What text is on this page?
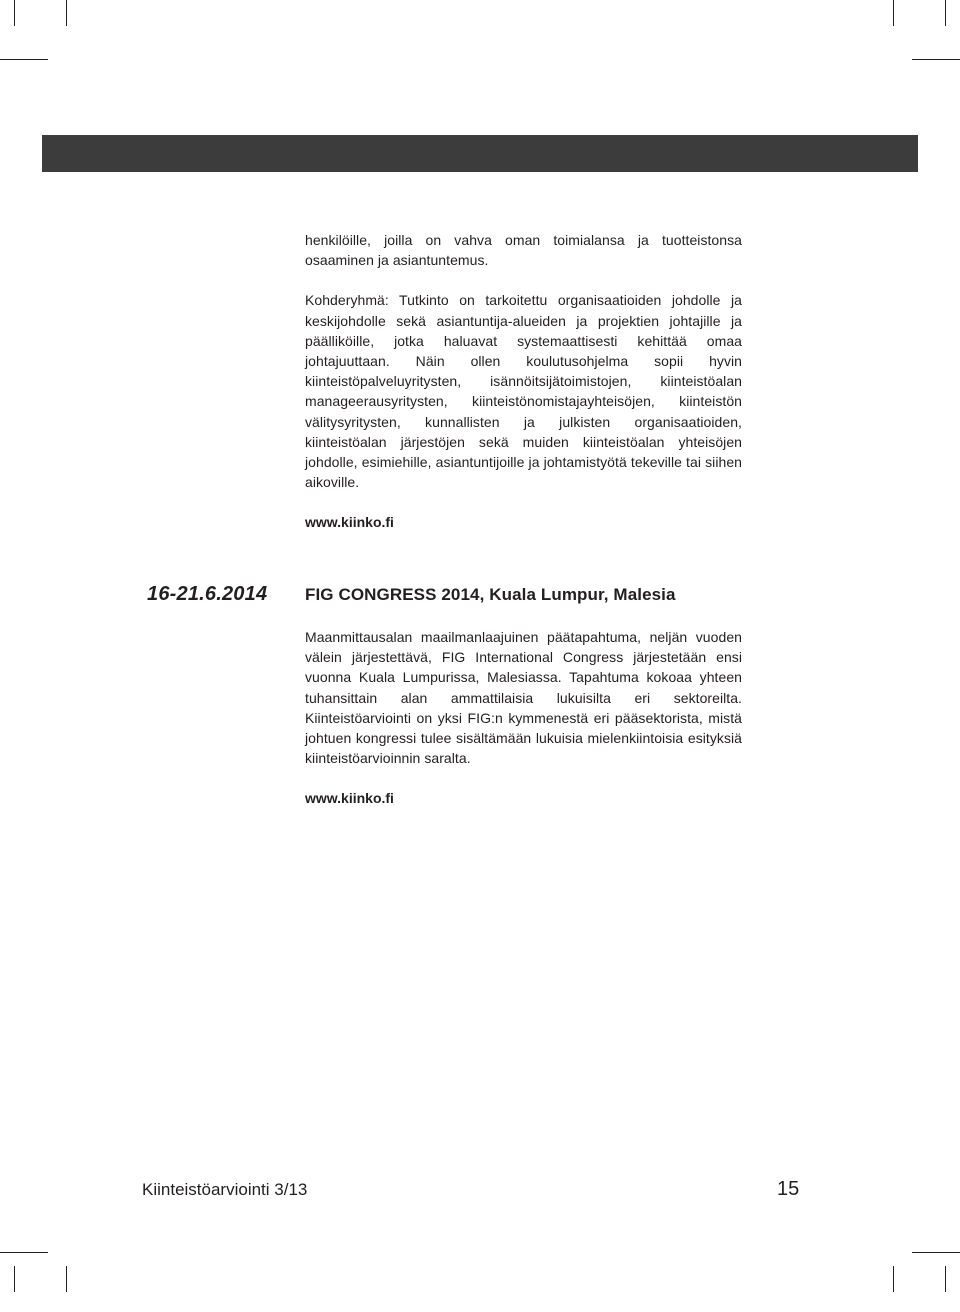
henkilöille, joilla on vahva oman toimialansa ja tuotteistonsa osaaminen ja asiantuntemus.

Kohderyhmä: Tutkinto on tarkoitettu organisaatioiden johdolle ja keskijohdolle sekä asiantuntija-alueiden ja projektien johtajille ja päälliköille, jotka haluavat systemaattisesti kehittää omaa johtajuuttaan. Näin ollen koulutusohjelma sopii hyvin kiinteistöpalveluyritysten, isännöitsijätoimistojen, kiinteistöalan manageerausyritysten, kiinteistönomistajayhteisöjen, kiinteistön välitysyritysten, kunnallisten ja julkisten organisaatioiden, kiinteistöalan järjestöjen sekä muiden kiinteistöalan yhteisöjen johdolle, esimiehille, asiantuntijoille ja johtamistyötä tekeville tai siihen aikoville.

www.kiinko.fi

16-21.6.2014 FIG CONGRESS 2014, Kuala Lumpur, Malesia

Maanmittausalan maailmanlaajuinen päätapahtuma, neljän vuoden välein järjestettävä, FIG International Congress järjestetään ensi vuonna Kuala Lumpurissa, Malesiassa. Tapahtuma kokoaa yhteen tuhansittain alan ammattilaisia lukuisilta eri sektoreilta. Kiinteistöarviointi on yksi FIG:n kymmenestä eri pääsektorista, mistä johtuen kongressi tulee sisältämään lukuisia mielenkiintoisia esityksiä kiinteistöarvioinnin saralta.

www.kiinko.fi

Kiinteistöarviointi 3/13	15
